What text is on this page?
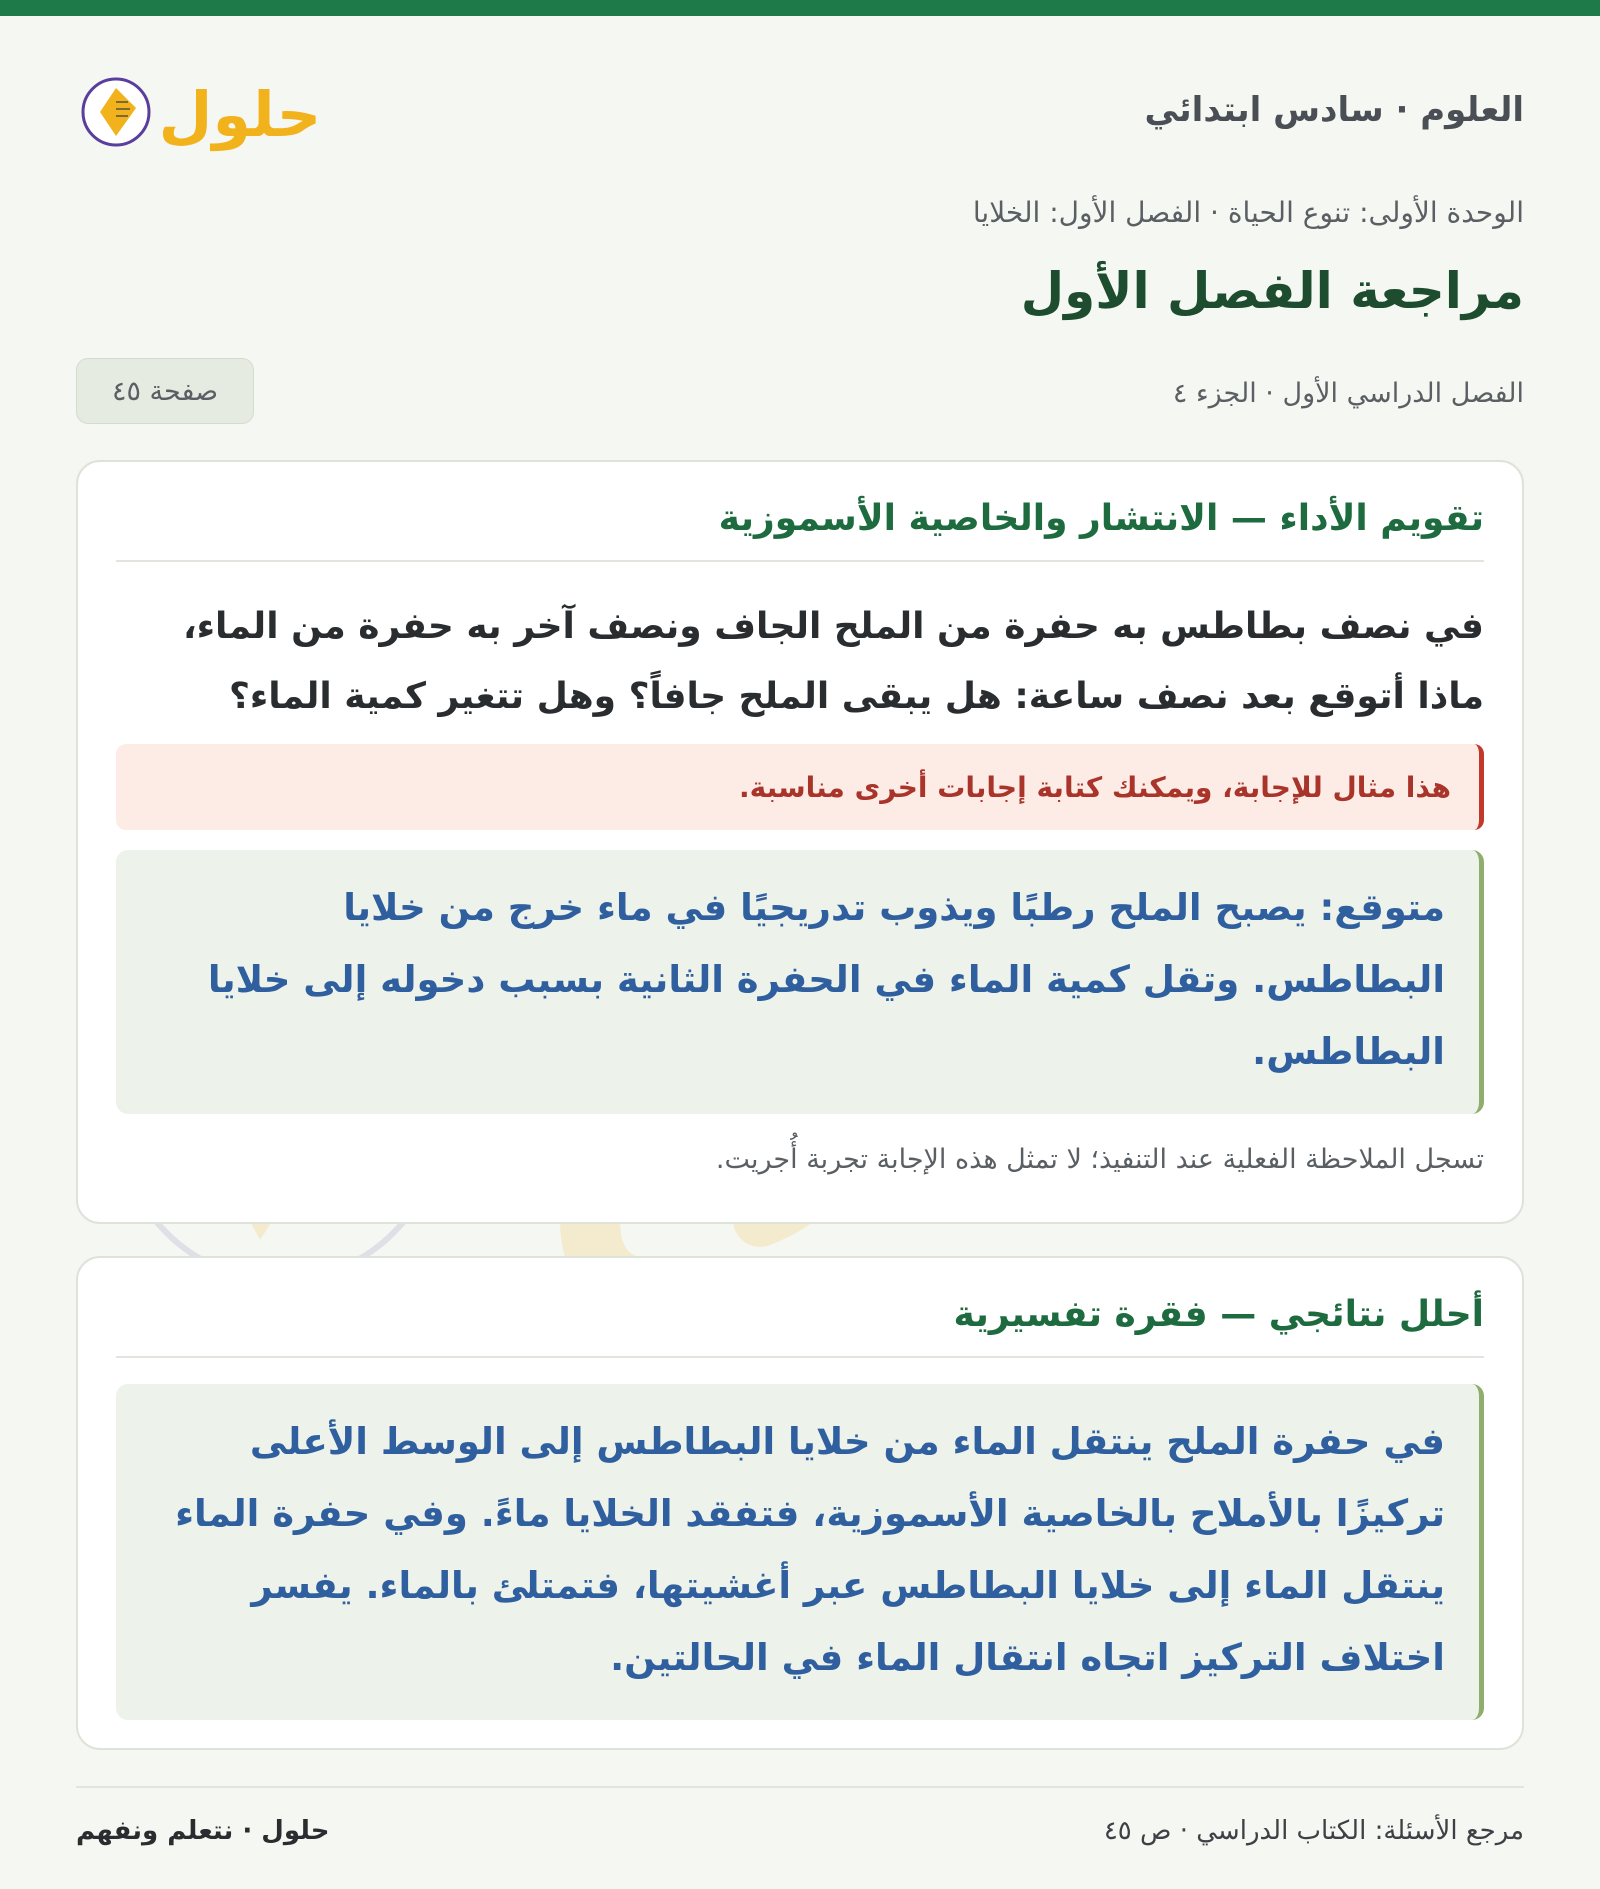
العلوم · سادس ابتدائي
حلول
الوحدة الأولى: تنوع الحياة · الفصل الأول: الخلايا
مراجعة الفصل الأول
الفصل الدراسي الأول · الجزء ٤
صفحة ٤٥
تقويم الأداء — الانتشار والخاصية الأسموزية
في نصف بطاطس به حفرة من الملح الجاف ونصف آخر به حفرة من الماء، ماذا أتوقع بعد نصف ساعة: هل يبقى الملح جافاً؟ وهل تتغير كمية الماء؟
هذا مثال للإجابة، ويمكنك كتابة إجابات أخرى مناسبة.
متوقع: يصبح الملح رطبًا ويذوب تدريجيًا في ماء خرج من خلايا البطاطس. وتقل كمية الماء في الحفرة الثانية بسبب دخوله إلى خلايا البطاطس.
تسجل الملاحظة الفعلية عند التنفيذ؛ لا تمثل هذه الإجابة تجربة أُجريت.
أحلل نتائجي — فقرة تفسيرية
في حفرة الملح ينتقل الماء من خلايا البطاطس إلى الوسط الأعلى تركيزًا بالأملاح بالخاصية الأسموزية، فتفقد الخلايا ماءً. وفي حفرة الماء ينتقل الماء إلى خلايا البطاطس عبر أغشيتها، فتمتلئ بالماء. يفسر اختلاف التركيز اتجاه انتقال الماء في الحالتين.
مرجع الأسئلة: الكتاب الدراسي · ص ٤٥
حلول · نتعلم ونفهم
